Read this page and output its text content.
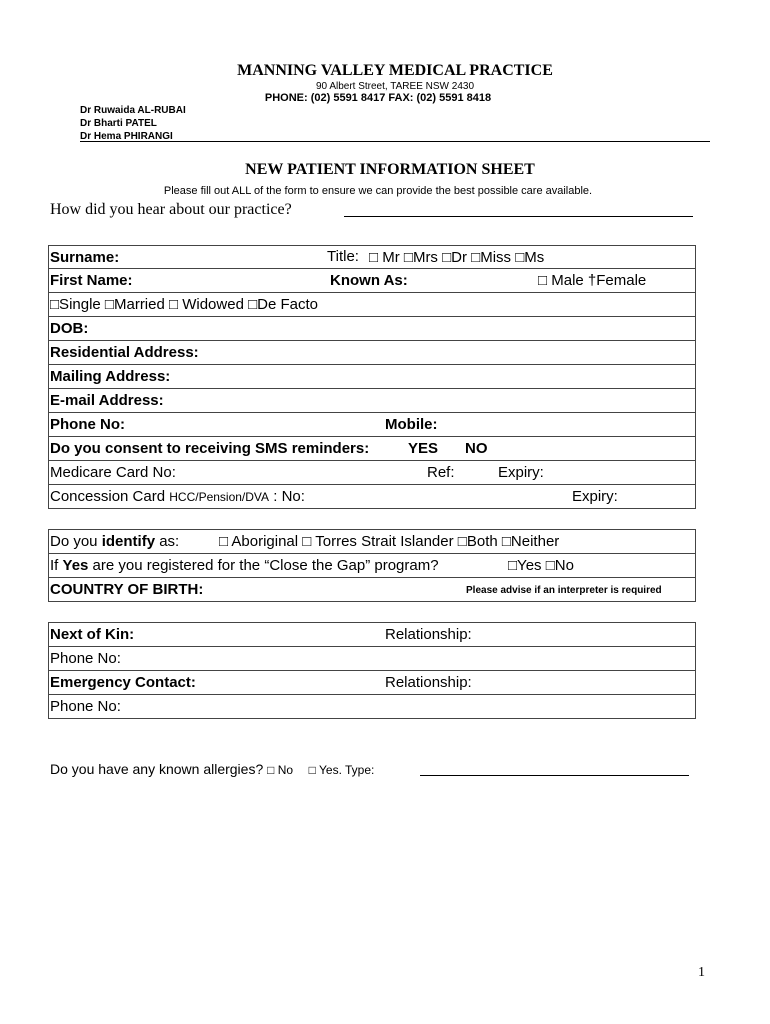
MANNING VALLEY MEDICAL PRACTICE
90 Albert Street, TAREE NSW 2430
PHONE: (02) 5591 8417 FAX: (02) 5591 8418
Dr Ruwaida AL-RUBAI
Dr Bharti PATEL
Dr Hema PHIRANGI
NEW PATIENT INFORMATION SHEET
Please fill out ALL of the form to ensure we can provide the best possible care available.
How did you hear about our practice?
Surname:	Title: □ Mr □Mrs □Dr □Miss □Ms

First Name:	Known As:	□ Male †Female

□Single □Married □ Widowed □De Facto

DOB:

Residential Address:

Mailing Address:

E-mail Address:

Phone No:	Mobile:

Do you consent to receiving SMS reminders:	YES NO

Medicare Card No:	Ref:	Expiry:

Concession Card HCC/Pension/DVA : No:	Expiry:
Do you identify as:	□ Aboriginal □ Torres Strait Islander □Both □Neither

If Yes are you registered for the “Close the Gap” program?	□Yes □No

COUNTRY OF BIRTH:	Please advise if an interpreter is required
Next of Kin:	Relationship:

Phone No:

Emergency Contact:	Relationship:

Phone No:
Do you have any known allergies? □ No □ Yes. Type:
1
